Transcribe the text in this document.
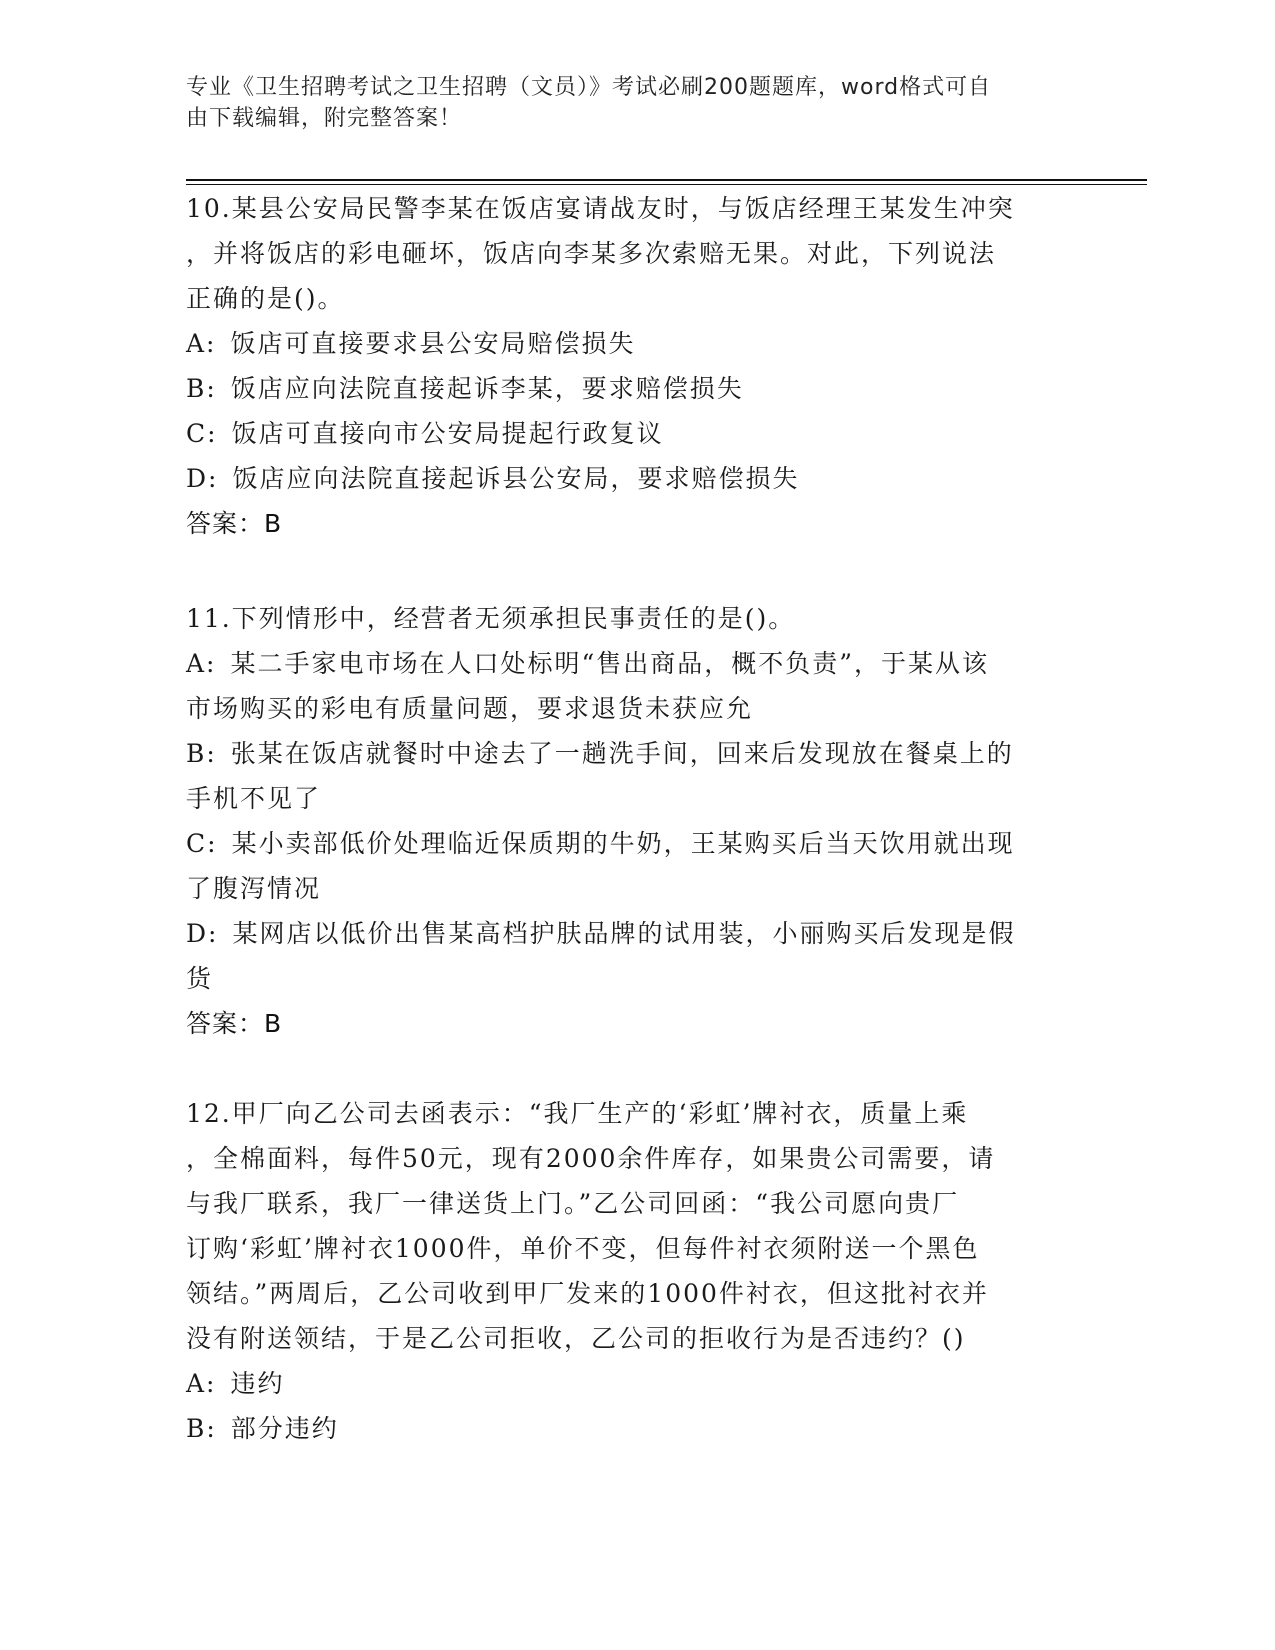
专业《卫生招聘考试之卫生招聘（文员）》考试必刷200题题库，word格式可自
由下载编辑，附完整答案！

10.某县公安局民警李某在饭店宴请战友时，与饭店经理王某发生冲突

，并将饭店的彩电砸坏，饭店向李某多次索赔无果。对此，下列说法

正确的是()。

A: 饭店可直接要求县公安局赔偿损失

B: 饭店应向法院直接起诉李某，要求赔偿损失

C: 饭店可直接向市公安局提起行政复议

D: 饭店应向法院直接起诉县公安局，要求赔偿损失

答案：B

11.下列情形中，经营者无须承担民事责任的是()。

A: 某二手家电市场在人口处标明“售出商品，概不负责”，于某从该

市场购买的彩电有质量问题，要求退货未获应允

B: 张某在饭店就餐时中途去了一趟洗手间，回来后发现放在餐桌上的

手机不见了

C: 某小卖部低价处理临近保质期的牛奶，王某购买后当天饮用就出现

了腹泻情况

D: 某网店以低价出售某高档护肤品牌的试用装，小丽购买后发现是假

货

答案：B

12.甲厂向乙公司去函表示：“我厂生产的‘彩虹’牌衬衣，质量上乘

，全棉面料，每件50元，现有2000余件库存，如果贵公司需要，请

与我厂联系，我厂一律送货上门。”乙公司回函：“我公司愿向贵厂

订购‘彩虹’牌衬衣1000件，单价不变，但每件衬衣须附送一个黑色

领结。”两周后，乙公司收到甲厂发来的1000件衬衣，但这批衬衣并

没有附送领结，于是乙公司拒收，乙公司的拒收行为是否违约？()

A: 违约

B: 部分违约
